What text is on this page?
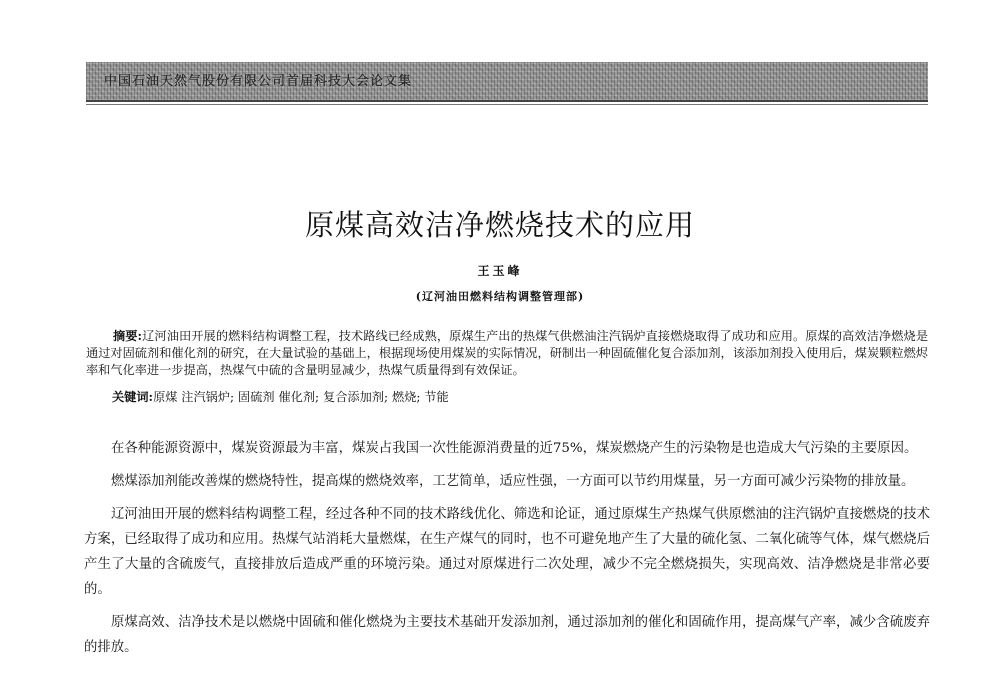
中国石油天然气股份有限公司首届科技大会论文集
原煤高效洁净燃烧技术的应用
王玉峰
(辽河油田燃料结构调整管理部)
摘要:辽河油田开展的燃料结构调整工程，技术路线已经成熟，原煤生产出的热煤气供燃油注汽锅炉直接燃烧取得了成功和应用。原煤的高效洁净燃烧是通过对固硫剂和催化剂的研究，在大量试验的基础上，根据现场使用煤炭的实际情况，研制出一种固硫催化复合添加剂，该添加剂投入使用后，煤炭颗粒燃烬率和气化率进一步提高，热煤气中硫的含量明显减少，热煤气质量得到有效保证。
关键词:原煤 注汽锅炉; 固硫剂 催化剂; 复合添加剂; 燃烧; 节能

在各种能源资源中，煤炭资源最为丰富，煤炭占我国一次性能源消费量的近75%，煤炭燃烧产生的污染物是也造成大气污染的主要原因。

燃煤添加剂能改善煤的燃烧特性，提高煤的燃烧效率，工艺简单，适应性强，一方面可以节约用煤量，另一方面可减少污染物的排放量。

辽河油田开展的燃料结构调整工程，经过各种不同的技术路线优化、筛选和论证，通过原煤生产热煤气供原燃油的注汽锅炉直接燃烧的技术方案，已经取得了成功和应用。热煤气站消耗大量燃煤，在生产煤气的同时，也不可避免地产生了大量的硫化氢、二氧化硫等气体，煤气燃烧后产生了大量的含硫废气，直接排放后造成严重的环境污染。通过对原煤进行二次处理，减少不完全燃烧损失，实现高效、洁净燃烧是非常必要的。

原煤高效、洁净技术是以燃烧中固硫和催化燃烧为主要技术基础开发添加剂，通过添加剂的催化和固硫作用，提高煤气产率，减少含硫废弃的排放。
